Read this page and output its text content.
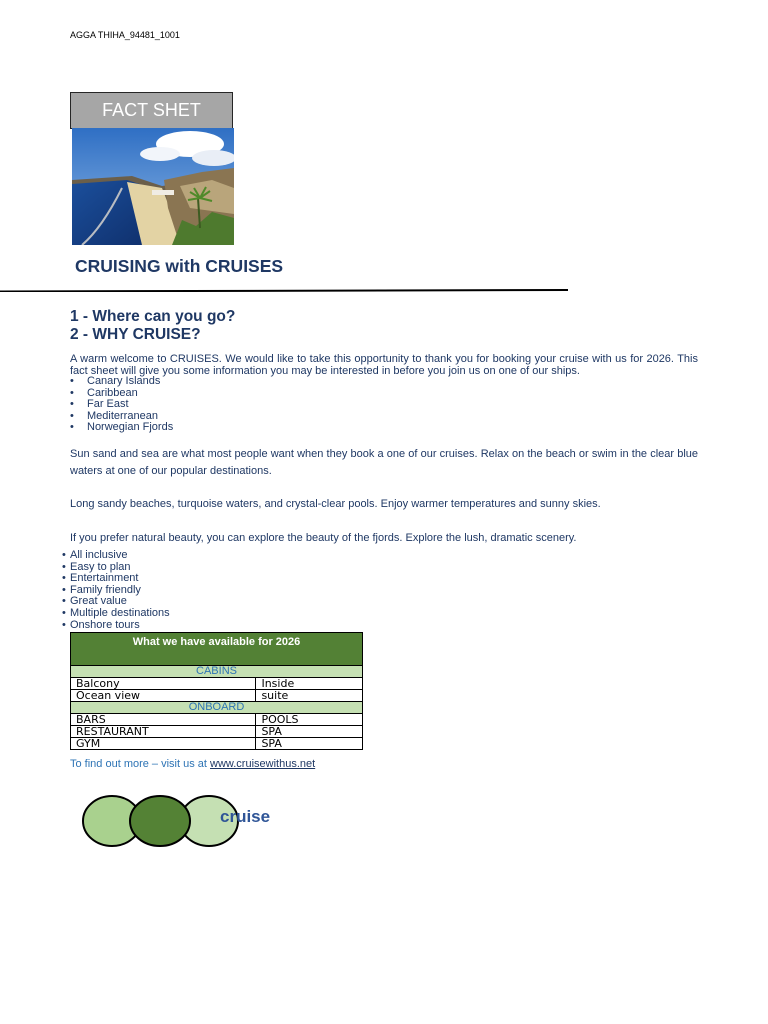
AGGA THIHA_94481_1001
FACT SHET
CRUISING with CRUISES
1 - Where can you go?
2 - WHY CRUISE?
A warm welcome to CRUISES. We would like to take this opportunity to thank you for booking your cruise with us for 2026. This fact sheet will give you some information you may be interested in before you join us on one of our ships.
• Canary Islands
• Caribbean
• Far East
• Mediterranean
• Norwegian Fjords
Sun sand and sea are what most people want when they book a one of our cruises. Relax on the beach or swim in the clear blue waters at one of our popular destinations.
Long sandy beaches, turquoise waters, and crystal-clear pools. Enjoy warmer temperatures and sunny skies.
If you prefer natural beauty, you can explore the beauty of the fjords. Explore the lush, dramatic scenery.
• All inclusive
• Easy to plan
• Entertainment
• Family friendly
• Great value
• Multiple destinations
• Onshore tours
What we have available for 2026	
CABINS	
Balcony	Inside
Ocean view	suite
ONBOARD	
BARS	POOLS
RESTAURANT	SPA
GYM	SPA
To find out more – visit us at www.cruisewithus.net
cruise
